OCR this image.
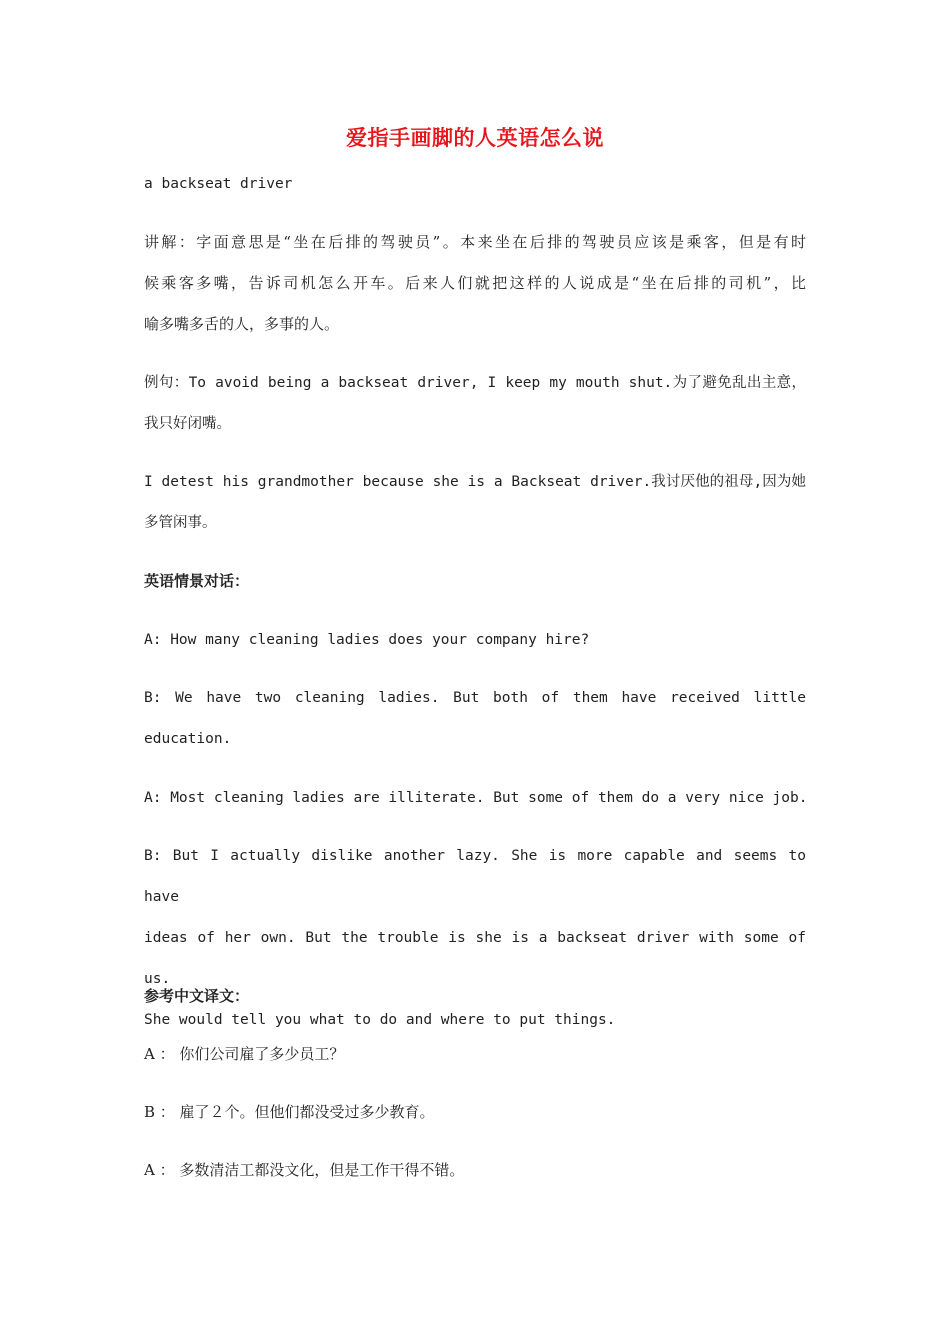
爱指手画脚的人英语怎么说
a backseat driver
讲解：字面意思是“坐在后排的驾驶员”。本来坐在后排的驾驶员应该是乘客，但是有时
候乘客多嘴，告诉司机怎么开车。后来人们就把这样的人说成是“坐在后排的司机”，比
喻多嘴多舌的人，多事的人。
例句：To avoid being a backseat driver, I keep my mouth shut.为了避免乱出主意，
我只好闭嘴。
I detest his grandmother because she is a Backseat driver.我讨厌他的祖母,因为她
多管闲事。
英语情景对话：
A: How many cleaning ladies does your company hire?
B: We have two cleaning ladies. But both of them have received little
education.
A: Most cleaning ladies are illiterate. But some of them do a very nice job.
B: But I actually dislike another lazy. She is more capable and seems to have
ideas of her own. But the trouble is she is a backseat driver with some of us.
She would tell you what to do and where to put things.
参考中文译文：
A ： 你们公司雇了多少员工？
B ： 雇了２个。但他们都没受过多少教育。
A ： 多数清洁工都没文化，但是工作干得不错。
